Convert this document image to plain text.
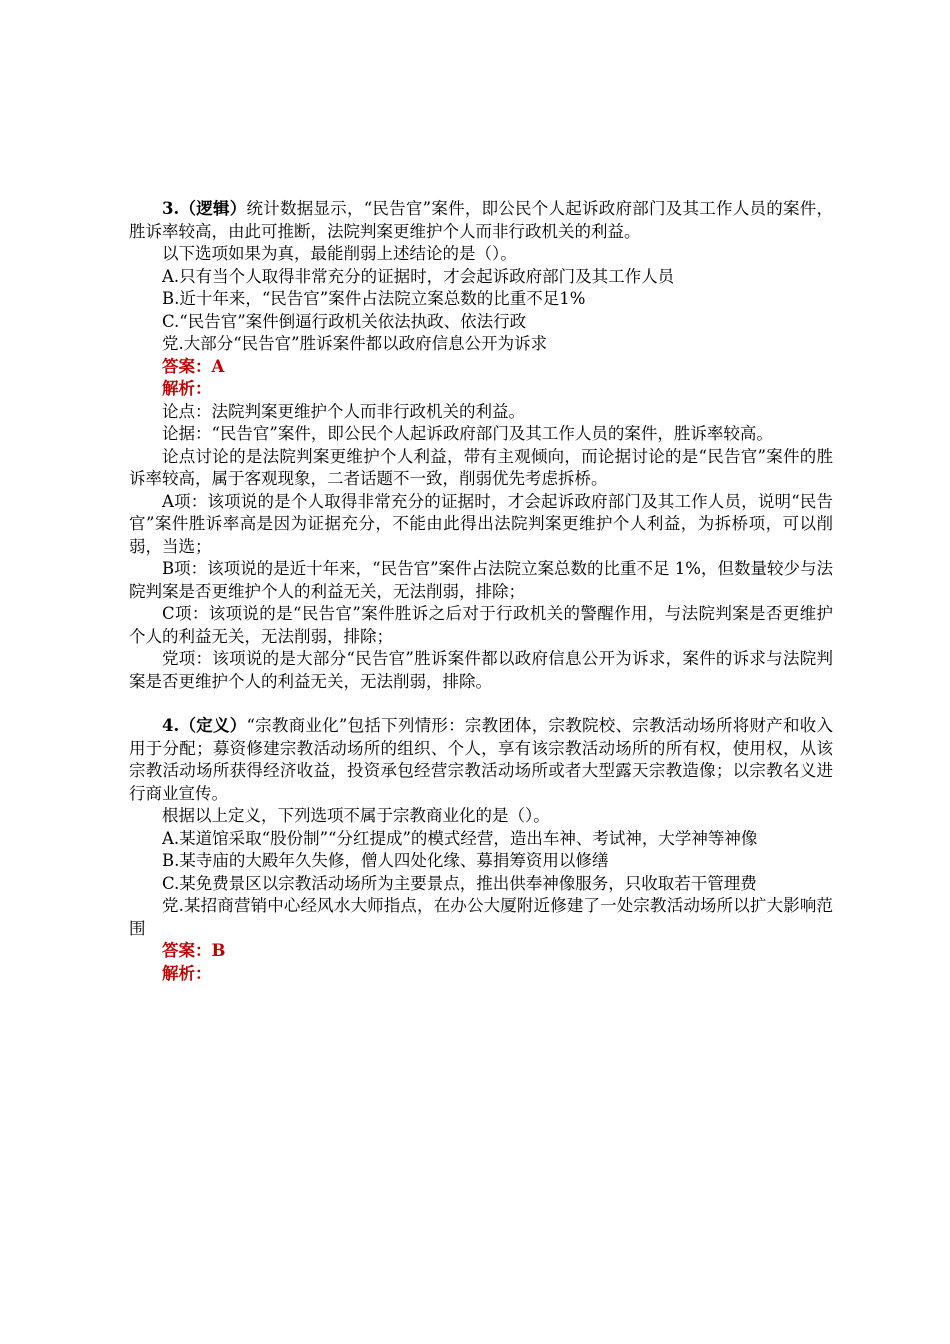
3.（逻辑）统计数据显示，“民告官”案件，即公民个人起诉政府部门及其工作人员的案件，胜诉率较高，由此可推断，法院判案更维护个人而非行政机关的利益。

以下选项如果为真，最能削弱上述结论的是（）。

A.只有当个人取得非常充分的证据时，才会起诉政府部门及其工作人员

B.近十年来，“民告官”案件占法院立案总数的比重不足1%

C.“民告官”案件倒逼行政机关依法执政、依法行政

党.大部分“民告官”胜诉案件都以政府信息公开为诉求

答案：A

解析：

论点：法院判案更维护个人而非行政机关的利益。

论据：“民告官”案件，即公民个人起诉政府部门及其工作人员的案件，胜诉率较高。

论点讨论的是法院判案更维护个人利益，带有主观倾向，而论据讨论的是“民告官”案件的胜诉率较高，属于客观现象，二者话题不一致，削弱优先考虑拆桥。

A项：该项说的是个人取得非常充分的证据时，才会起诉政府部门及其工作人员，说明“民告官”案件胜诉率高是因为证据充分，不能由此得出法院判案更维护个人利益，为拆桥项，可以削弱，当选；

B项：该项说的是近十年来，“民告官”案件占法院立案总数的比重不足 1%，但数量较少与法院判案是否更维护个人的利益无关，无法削弱，排除；

C项：该项说的是“民告官”案件胜诉之后对于行政机关的警醒作用，与法院判案是否更维护个人的利益无关，无法削弱，排除；

党项：该项说的是大部分“民告官”胜诉案件都以政府信息公开为诉求，案件的诉求与法院判案是否更维护个人的利益无关，无法削弱，排除。

4.（定义）“宗教商业化”包括下列情形：宗教团体，宗教院校、宗教活动场所将财产和收入用于分配；募资修建宗教活动场所的组织、个人，享有该宗教活动场所的所有权，使用权，从该宗教活动场所获得经济收益，投资承包经营宗教活动场所或者大型露天宗教造像；以宗教名义进行商业宣传。

根据以上定义，下列选项不属于宗教商业化的是（）。

A.某道馆采取“股份制”“分红提成”的模式经营，造出车神、考试神，大学神等神像

B.某寺庙的大殿年久失修，僧人四处化缘、募捐筹资用以修缮

C.某免费景区以宗教活动场所为主要景点，推出供奉神像服务，只收取若干管理费

党.某招商营销中心经风水大师指点，在办公大厦附近修建了一处宗教活动场所以扩大影响范围

答案：B

解析：
